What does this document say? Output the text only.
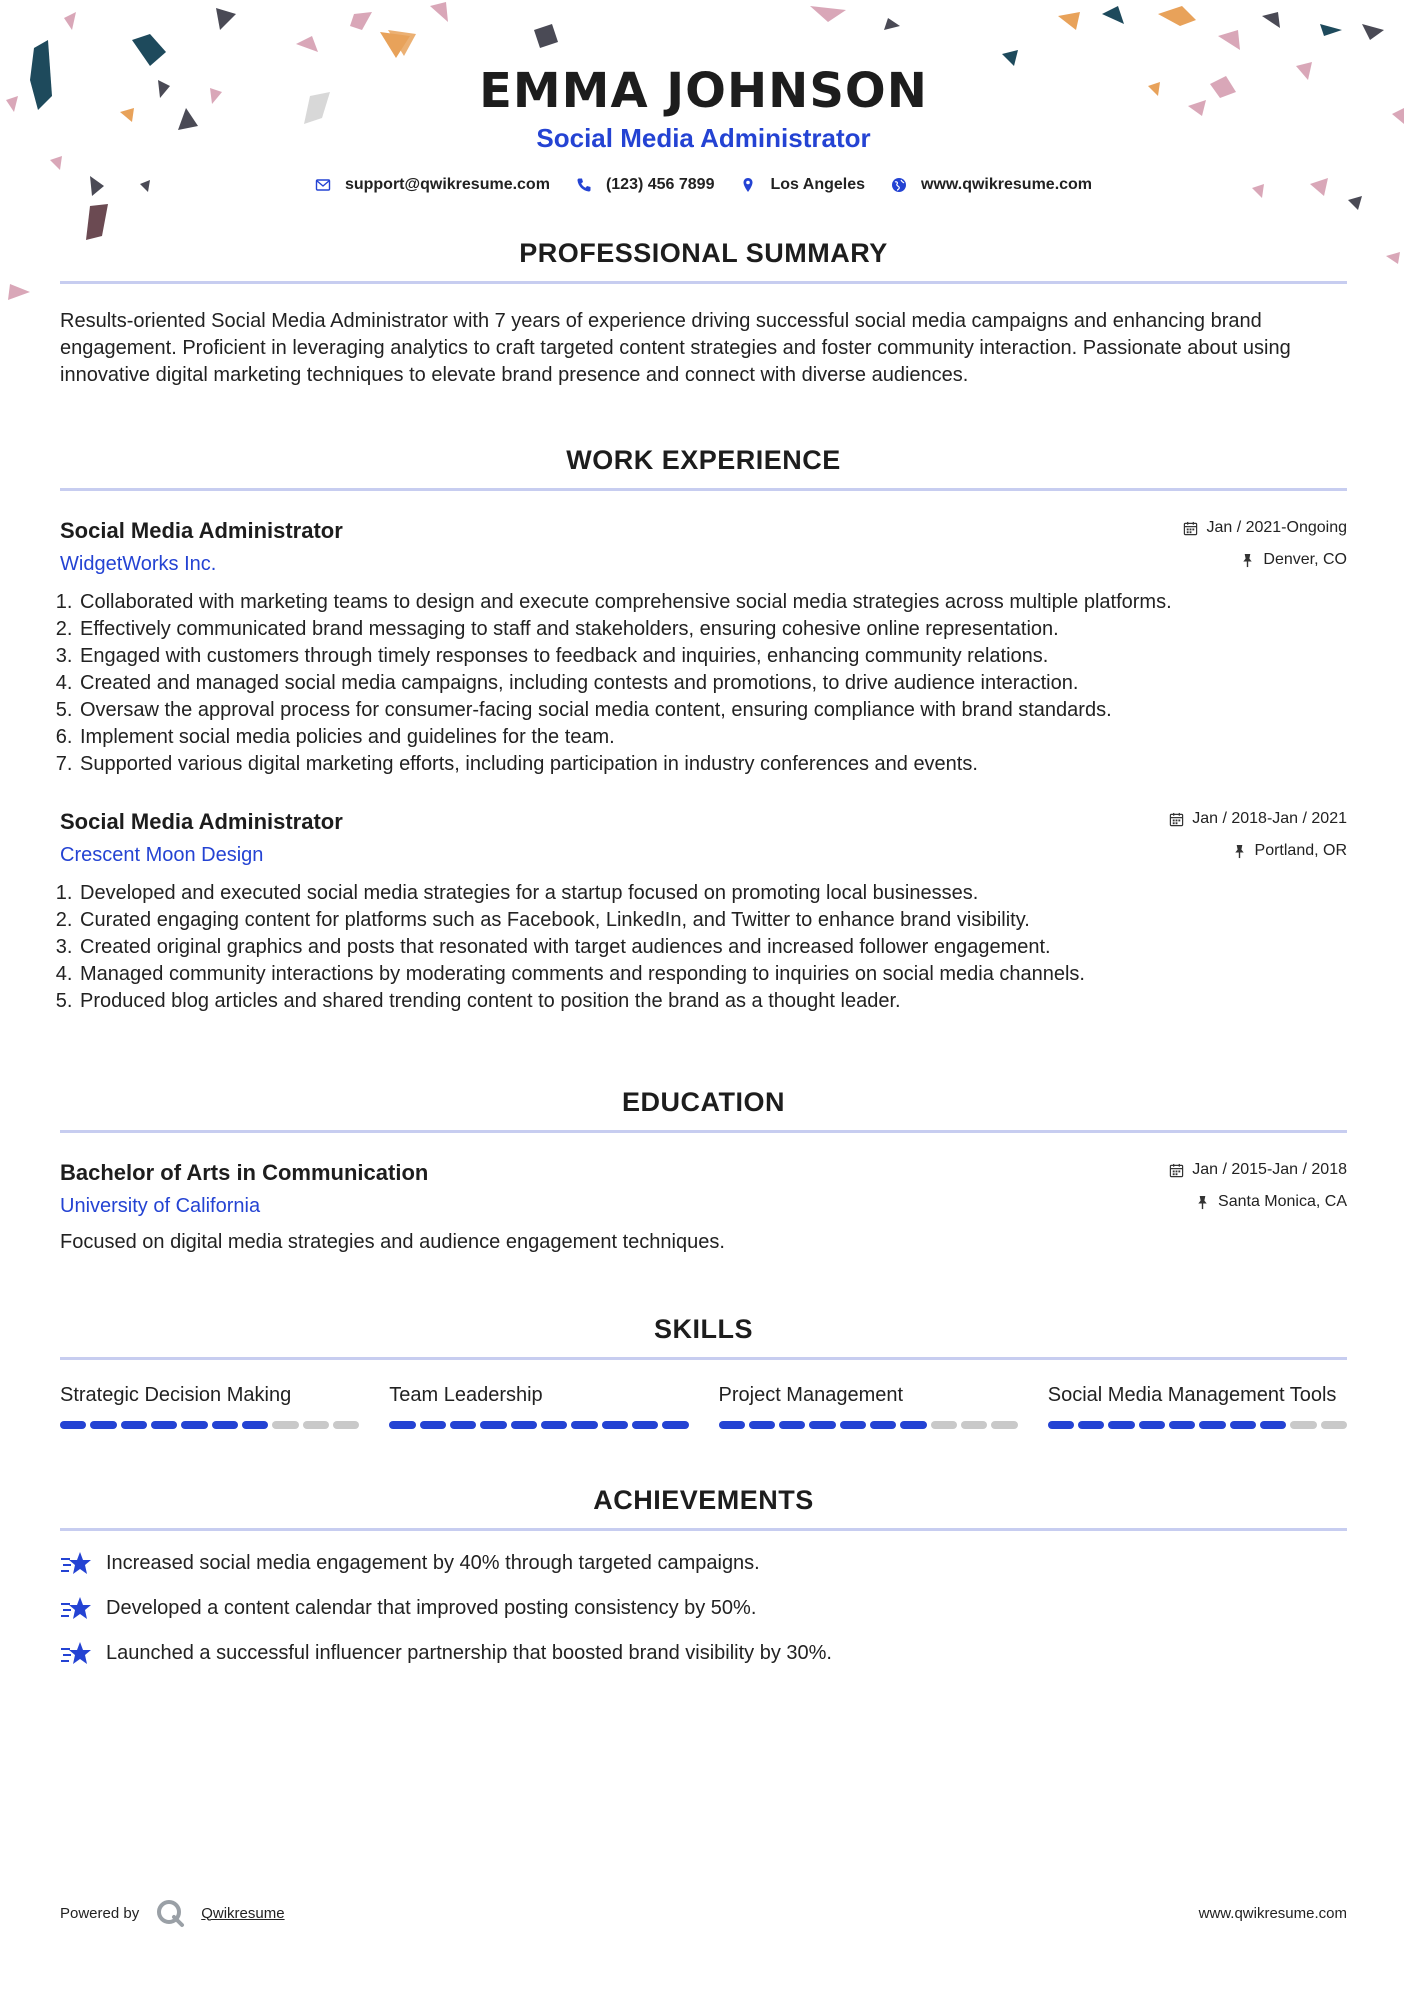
EMMA JOHNSON
Social Media Administrator
support@qwikresume.com	(123) 456 7899	Los Angeles	www.qwikresume.com
PROFESSIONAL SUMMARY
Results-oriented Social Media Administrator with 7 years of experience driving successful social media campaigns and enhancing brand engagement. Proficient in leveraging analytics to craft targeted content strategies and foster community interaction. Passionate about using innovative digital marketing techniques to elevate brand presence and connect with diverse audiences.
WORK EXPERIENCE
Social Media Administrator
WidgetWorks Inc.
Jan / 2021-Ongoing
Denver, CO
1. Collaborated with marketing teams to design and execute comprehensive social media strategies across multiple platforms.
2. Effectively communicated brand messaging to staff and stakeholders, ensuring cohesive online representation.
3. Engaged with customers through timely responses to feedback and inquiries, enhancing community relations.
4. Created and managed social media campaigns, including contests and promotions, to drive audience interaction.
5. Oversaw the approval process for consumer-facing social media content, ensuring compliance with brand standards.
6. Implement social media policies and guidelines for the team.
7. Supported various digital marketing efforts, including participation in industry conferences and events.
Social Media Administrator
Crescent Moon Design
Jan / 2018-Jan / 2021
Portland, OR
1. Developed and executed social media strategies for a startup focused on promoting local businesses.
2. Curated engaging content for platforms such as Facebook, LinkedIn, and Twitter to enhance brand visibility.
3. Created original graphics and posts that resonated with target audiences and increased follower engagement.
4. Managed community interactions by moderating comments and responding to inquiries on social media channels.
5. Produced blog articles and shared trending content to position the brand as a thought leader.
EDUCATION
Bachelor of Arts in Communication
University of California
Jan / 2015-Jan / 2018
Santa Monica, CA
Focused on digital media strategies and audience engagement techniques.
SKILLS
Strategic Decision Making	Team Leadership	Project Management	Social Media Management Tools
ACHIEVEMENTS
Increased social media engagement by 40% through targeted campaigns.
Developed a content calendar that improved posting consistency by 50%.
Launched a successful influencer partnership that boosted brand visibility by 30%.
Powered by	Qwikresume	www.qwikresume.com
